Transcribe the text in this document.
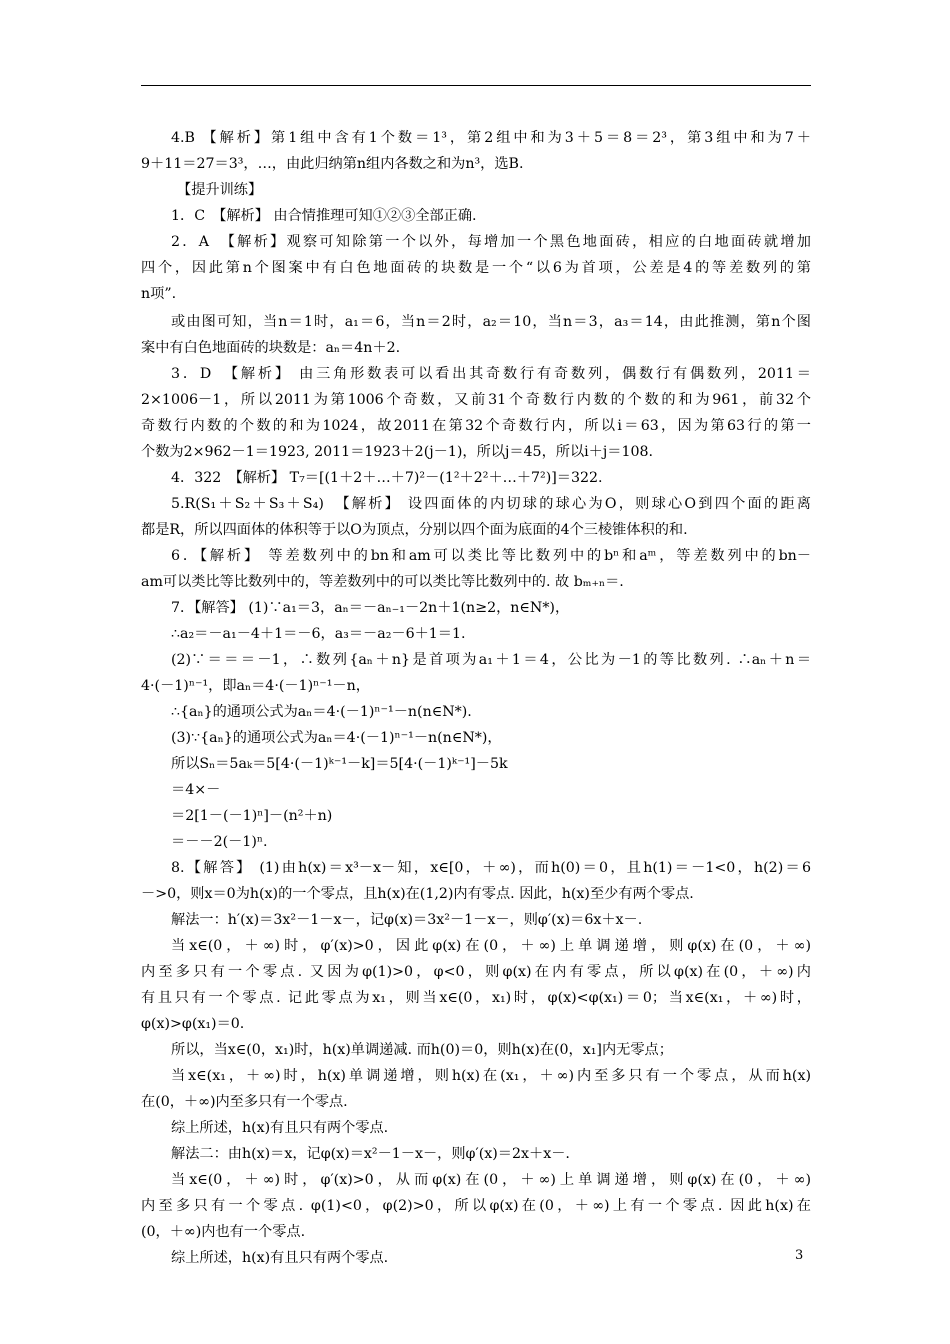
4.B 【解析】第1组中含有1个数＝1³，第2组中和为3＋5＝8＝2³，第3组中和为7＋
9＋11＝27＝3³，…，由此归纳第n组内各数之和为n³，选B.
【提升训练】
1．C　【解析】 由合情推理可知①②③全部正确.
2．A　【解析】观察可知除第一个以外，每增加一个黑色地面砖，相应的白地面砖就增加
四个，因此第n个图案中有白色地面砖的块数是一个“以6为首项，公差是4的等差数列的第
n项”.
或由图可知，当n＝1时，a₁＝6，当n＝2时，a₂＝10，当n＝3，a₃＝14，由此推测，第n个图
案中有白色地面砖的块数是：aₙ＝4n＋2.
3．D　【解析】 由三角形数表可以看出其奇数行有奇数列，偶数行有偶数列，2011＝
2×1006－1，所以2011为第1006个奇数，又前31个奇数行内数的个数的和为961，前32个
奇数行内数的个数的和为1024，故2011在第32个奇数行内，所以i＝63，因为第63行的第一
个数为2×962－1＝1923, 2011＝1923＋2(j－1)，所以j＝45，所以i＋j＝108.
4．322　【解析】 T₇＝[(1＋2＋…＋7)²－(1²＋2²＋…＋7²)]＝322.
5.R(S₁＋S₂＋S₃＋S₄)　【解析】 设四面体的内切球的球心为O，则球心O到四个面的距离
都是R，所以四面体的体积等于以O为顶点，分别以四个面为底面的4个三棱锥体积的和.
6．【解析】 等差数列中的bn和am可以类比等比数列中的bⁿ和aᵐ，等差数列中的bn－
am可以类比等比数列中的，等差数列中的可以类比等比数列中的. 故 bₘ₊ₙ＝.
7．【解答】 (1)∵a₁＝3，aₙ＝－aₙ₋₁－2n＋1(n≥2，n∈N*)，
∴a₂＝－a₁－4＋1＝－6，a₃＝－a₂－6＋1＝1.
(2)∵＝＝＝－1，∴数列{aₙ＋n}是首项为a₁＋1＝4，公比为－1的等比数列. ∴aₙ＋n＝
4·(－1)ⁿ⁻¹，即aₙ＝4·(－1)ⁿ⁻¹－n，
∴{aₙ}的通项公式为aₙ＝4·(－1)ⁿ⁻¹－n(n∈N*).
(3)∵{aₙ}的通项公式为aₙ＝4·(－1)ⁿ⁻¹－n(n∈N*)，
所以Sₙ＝5aₖ＝5[4·(－1)ᵏ⁻¹－k]＝5[4·(－1)ᵏ⁻¹]－5k
＝4×－
＝2[1－(－1)ⁿ]－(n²＋n)
＝－－2(－1)ⁿ.
8.【解答】 (1)由h(x)＝x³－x－知，x∈[0，＋∞)，而h(0)＝0，且h(1)＝－1<0，h(2)＝6
－>0，则x＝0为h(x)的一个零点，且h(x)在(1,2)内有零点. 因此，h(x)至少有两个零点.
解法一：h′(x)＝3x²－1－x－，记φ(x)＝3x²－1－x－，则φ′(x)＝6x＋x－.
当x∈(0，＋∞)时，φ′(x)>0，因此φ(x)在(0，＋∞)上单调递增，则φ(x)在(0，＋∞)
内至多只有一个零点. 又因为φ(1)>0，φ<0，则φ(x)在内有零点，所以φ(x)在(0，＋∞)内
有且只有一个零点. 记此零点为x₁，则当x∈(0，x₁)时，φ(x)<φ(x₁)＝0；当x∈(x₁，＋∞)时，
φ(x)>φ(x₁)＝0.
所以，当x∈(0，x₁)时，h(x)单调递减. 而h(0)＝0，则h(x)在(0，x₁]内无零点；
当x∈(x₁，＋∞)时，h(x)单调递增，则h(x)在(x₁，＋∞)内至多只有一个零点，从而h(x)
在(0，＋∞)内至多只有一个零点.
综上所述，h(x)有且只有两个零点.
解法二：由h(x)＝x，记φ(x)＝x²－1－x－，则φ′(x)＝2x＋x－.
当x∈(0，＋∞)时，φ′(x)>0，从而φ(x)在(0，＋∞)上单调递增，则φ(x)在(0，＋∞)
内至多只有一个零点. φ(1)<0，φ(2)>0，所以φ(x)在(0，＋∞)上有一个零点. 因此h(x)在
(0，＋∞)内也有一个零点.
综上所述，h(x)有且只有两个零点.	3
